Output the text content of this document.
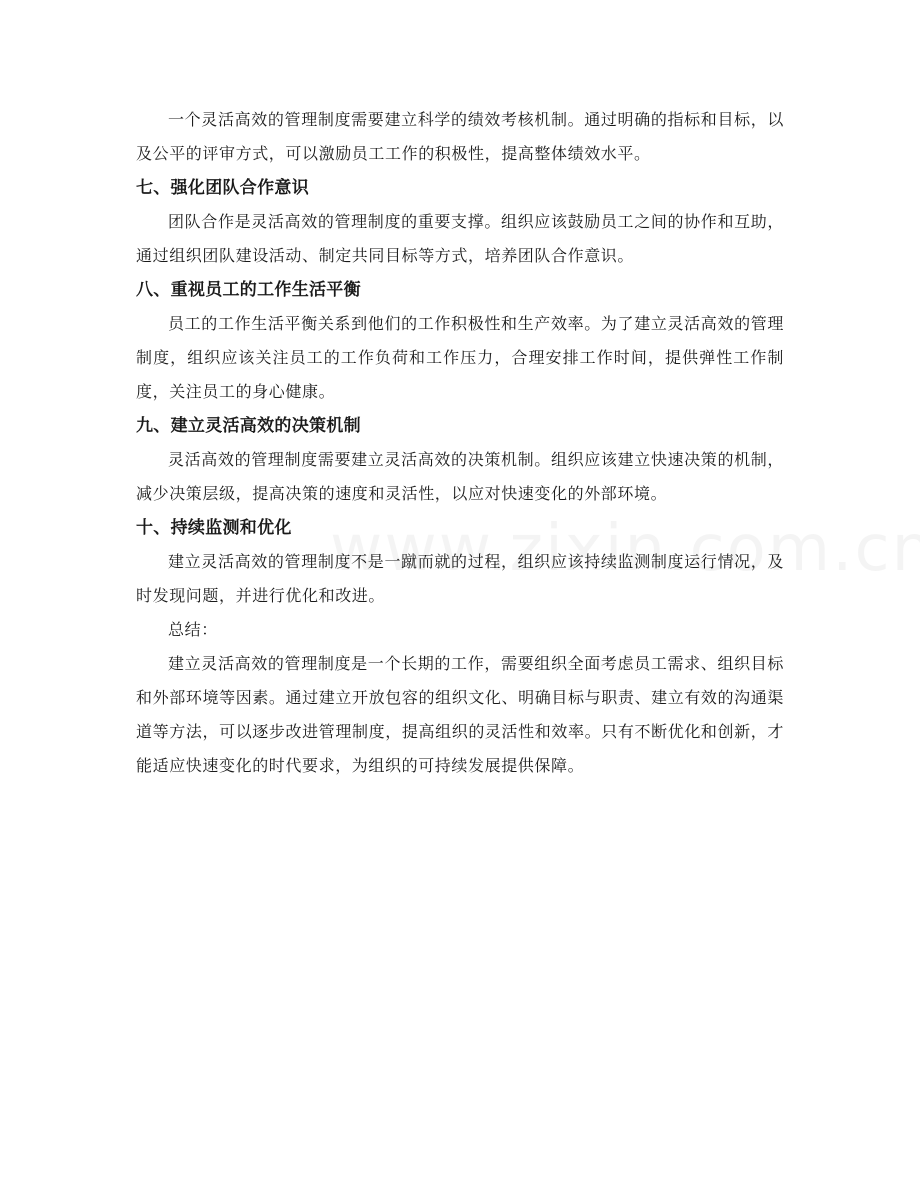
一个灵活高效的管理制度需要建立科学的绩效考核机制。通过明确的指标和目标，以及公平的评审方式，可以激励员工工作的积极性，提高整体绩效水平。

七、强化团队合作意识

团队合作是灵活高效的管理制度的重要支撑。组织应该鼓励员工之间的协作和互助，通过组织团队建设活动、制定共同目标等方式，培养团队合作意识。

八、重视员工的工作生活平衡

员工的工作生活平衡关系到他们的工作积极性和生产效率。为了建立灵活高效的管理制度，组织应该关注员工的工作负荷和工作压力，合理安排工作时间，提供弹性工作制度，关注员工的身心健康。

九、建立灵活高效的决策机制

灵活高效的管理制度需要建立灵活高效的决策机制。组织应该建立快速决策的机制，减少决策层级，提高决策的速度和灵活性，以应对快速变化的外部环境。

十、持续监测和优化

建立灵活高效的管理制度不是一蹴而就的过程，组织应该持续监测制度运行情况，及时发现问题，并进行优化和改进。

总结：

建立灵活高效的管理制度是一个长期的工作，需要组织全面考虑员工需求、组织目标和外部环境等因素。通过建立开放包容的组织文化、明确目标与职责、建立有效的沟通渠道等方法，可以逐步改进管理制度，提高组织的灵活性和效率。只有不断优化和创新，才能适应快速变化的时代要求，为组织的可持续发展提供保障。
